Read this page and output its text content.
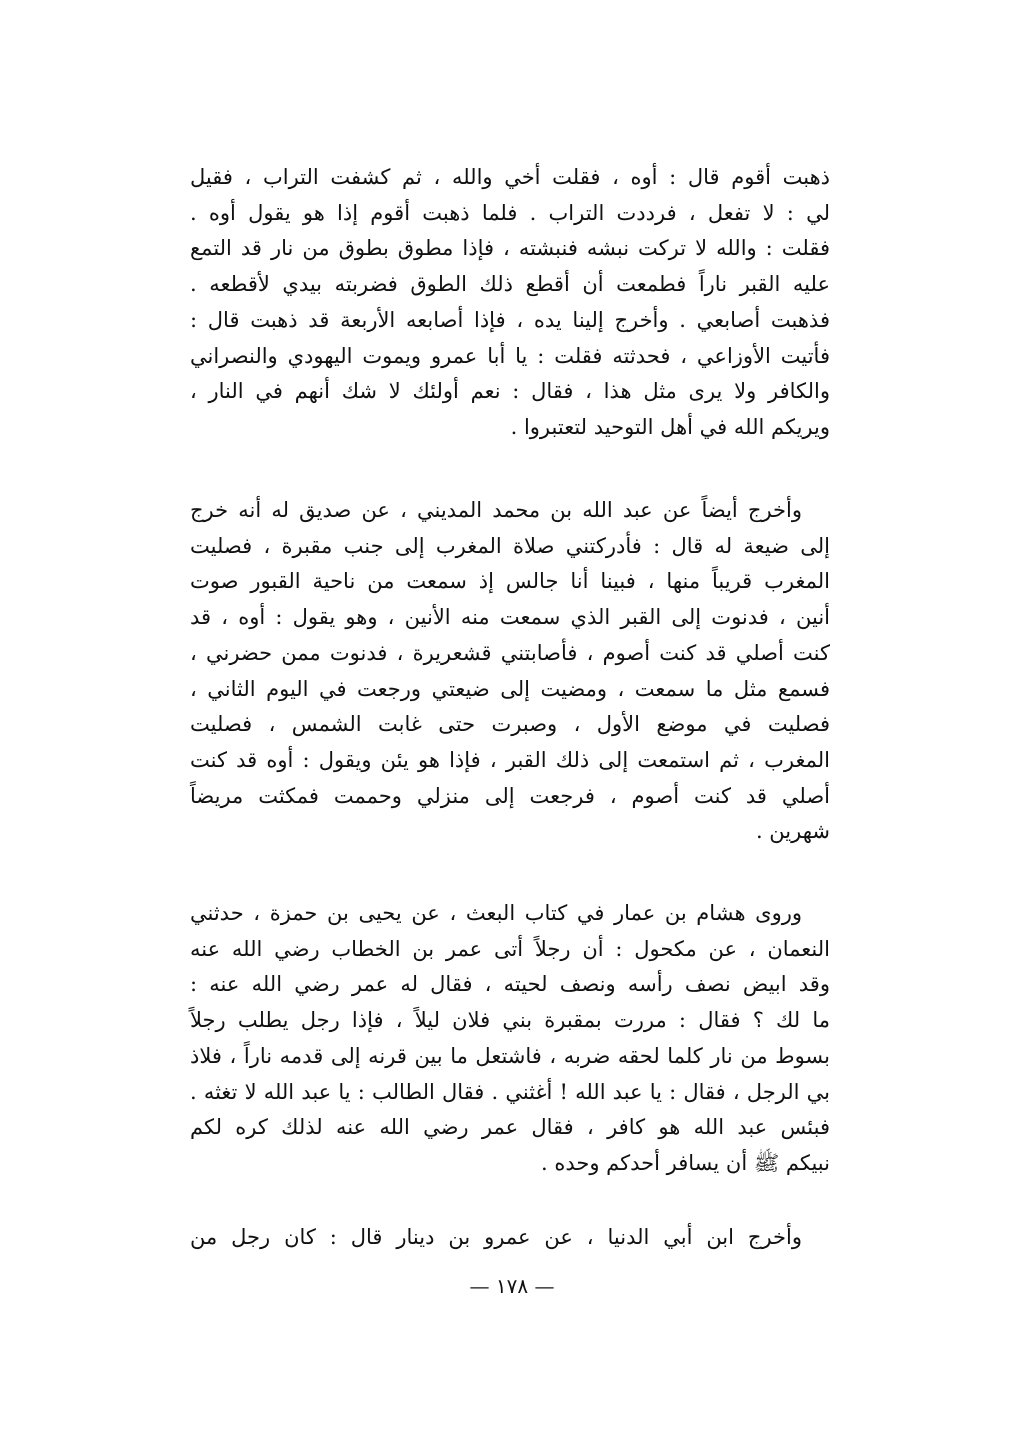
ذهبت أقوم قال : أوه ، فقلت أخي والله ، ثم كشفت التراب ، فقيل
لي : لا تفعل ، فرددت التراب . فلما ذهبت أقوم إذا هو يقول أوه .
فقلت : والله لا تركت نبشه فنبشته ، فإذا مطوق بطوق من نار قد التمع
عليه القبر ناراً فطمعت أن أقطع ذلك الطوق فضربته بيدي لأقطعه .
فذهبت أصابعي . وأخرج إلينا يده ، فإذا أصابعه الأربعة قد ذهبت قال :
فأتيت الأوزاعي ، فحدثته فقلت : يا أبا عمرو ويموت اليهودي والنصراني
والكافر ولا يرى مثل هذا ، فقال : نعم أولئك لا شك أنهم في النار ،
ويريكم الله في أهل التوحيد لتعتبروا .
وأخرج أيضاً عن عبد الله بن محمد المديني ، عن صديق له أنه خرج
إلى ضيعة له قال : فأدركتني صلاة المغرب إلى جنب مقبرة ، فصليت
المغرب قريباً منها ، فبينا أنا جالس إذ سمعت من ناحية القبور صوت
أنين ، فدنوت إلى القبر الذي سمعت منه الأنين ، وهو يقول : أوه ، قد
كنت أصلي قد كنت أصوم ، فأصابتني قشعريرة ، فدنوت ممن حضرني ،
فسمع مثل ما سمعت ، ومضيت إلى ضيعتي ورجعت في اليوم الثاني ،
فصليت في موضع الأول ، وصبرت حتى غابت الشمس ، فصليت
المغرب ، ثم استمعت إلى ذلك القبر ، فإذا هو يئن ويقول : أوه قد كنت
أصلي قد كنت أصوم ، فرجعت إلى منزلي وحممت فمكثت مريضاً
شهرين .
وروى هشام بن عمار في كتاب البعث ، عن يحيى بن حمزة ، حدثني
النعمان ، عن مكحول : أن رجلاً أتى عمر بن الخطاب رضي الله عنه
وقد ابيض نصف رأسه ونصف لحيته ، فقال له عمر رضي الله عنه :
ما لك ؟ فقال : مررت بمقبرة بني فلان ليلاً ، فإذا رجل يطلب رجلاً
بسوط من نار كلما لحقه ضربه ، فاشتعل ما بين قرنه إلى قدمه ناراً ، فلاذ
بي الرجل ، فقال : يا عبد الله ! أغثني . فقال الطالب : يا عبد الله لا تغثه .
فبئس عبد الله هو كافر ، فقال عمر رضي الله عنه لذلك كره لكم
نبيكم ﷺ أن يسافر أحدكم وحده .
وأخرج ابن أبي الدنيا ، عن عمرو بن دينار قال : كان رجل من
— ١٧٨ —
